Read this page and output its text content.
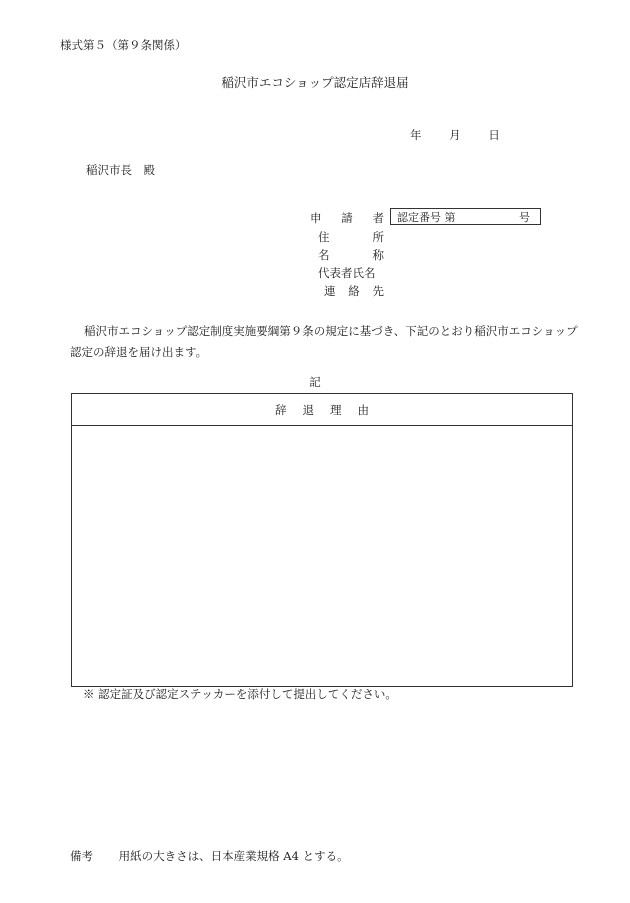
様式第５（第９条関係）
稲沢市エコショップ認定店辞退届
年 月 日
稲沢市長　殿
申 請 者 認定番号 第	号
住	所
名	称
代表者氏名
連 絡 先
稲沢市エコショップ認定制度実施要綱第９条の規定に基づき、下記のとおり稲沢市エコショップ認定の辞退を届け出ます。
記
辞退理由
※ 認定証及び認定ステッカーを添付して提出してください。
備考 用紙の大きさは、日本産業規格 A4 とする。
